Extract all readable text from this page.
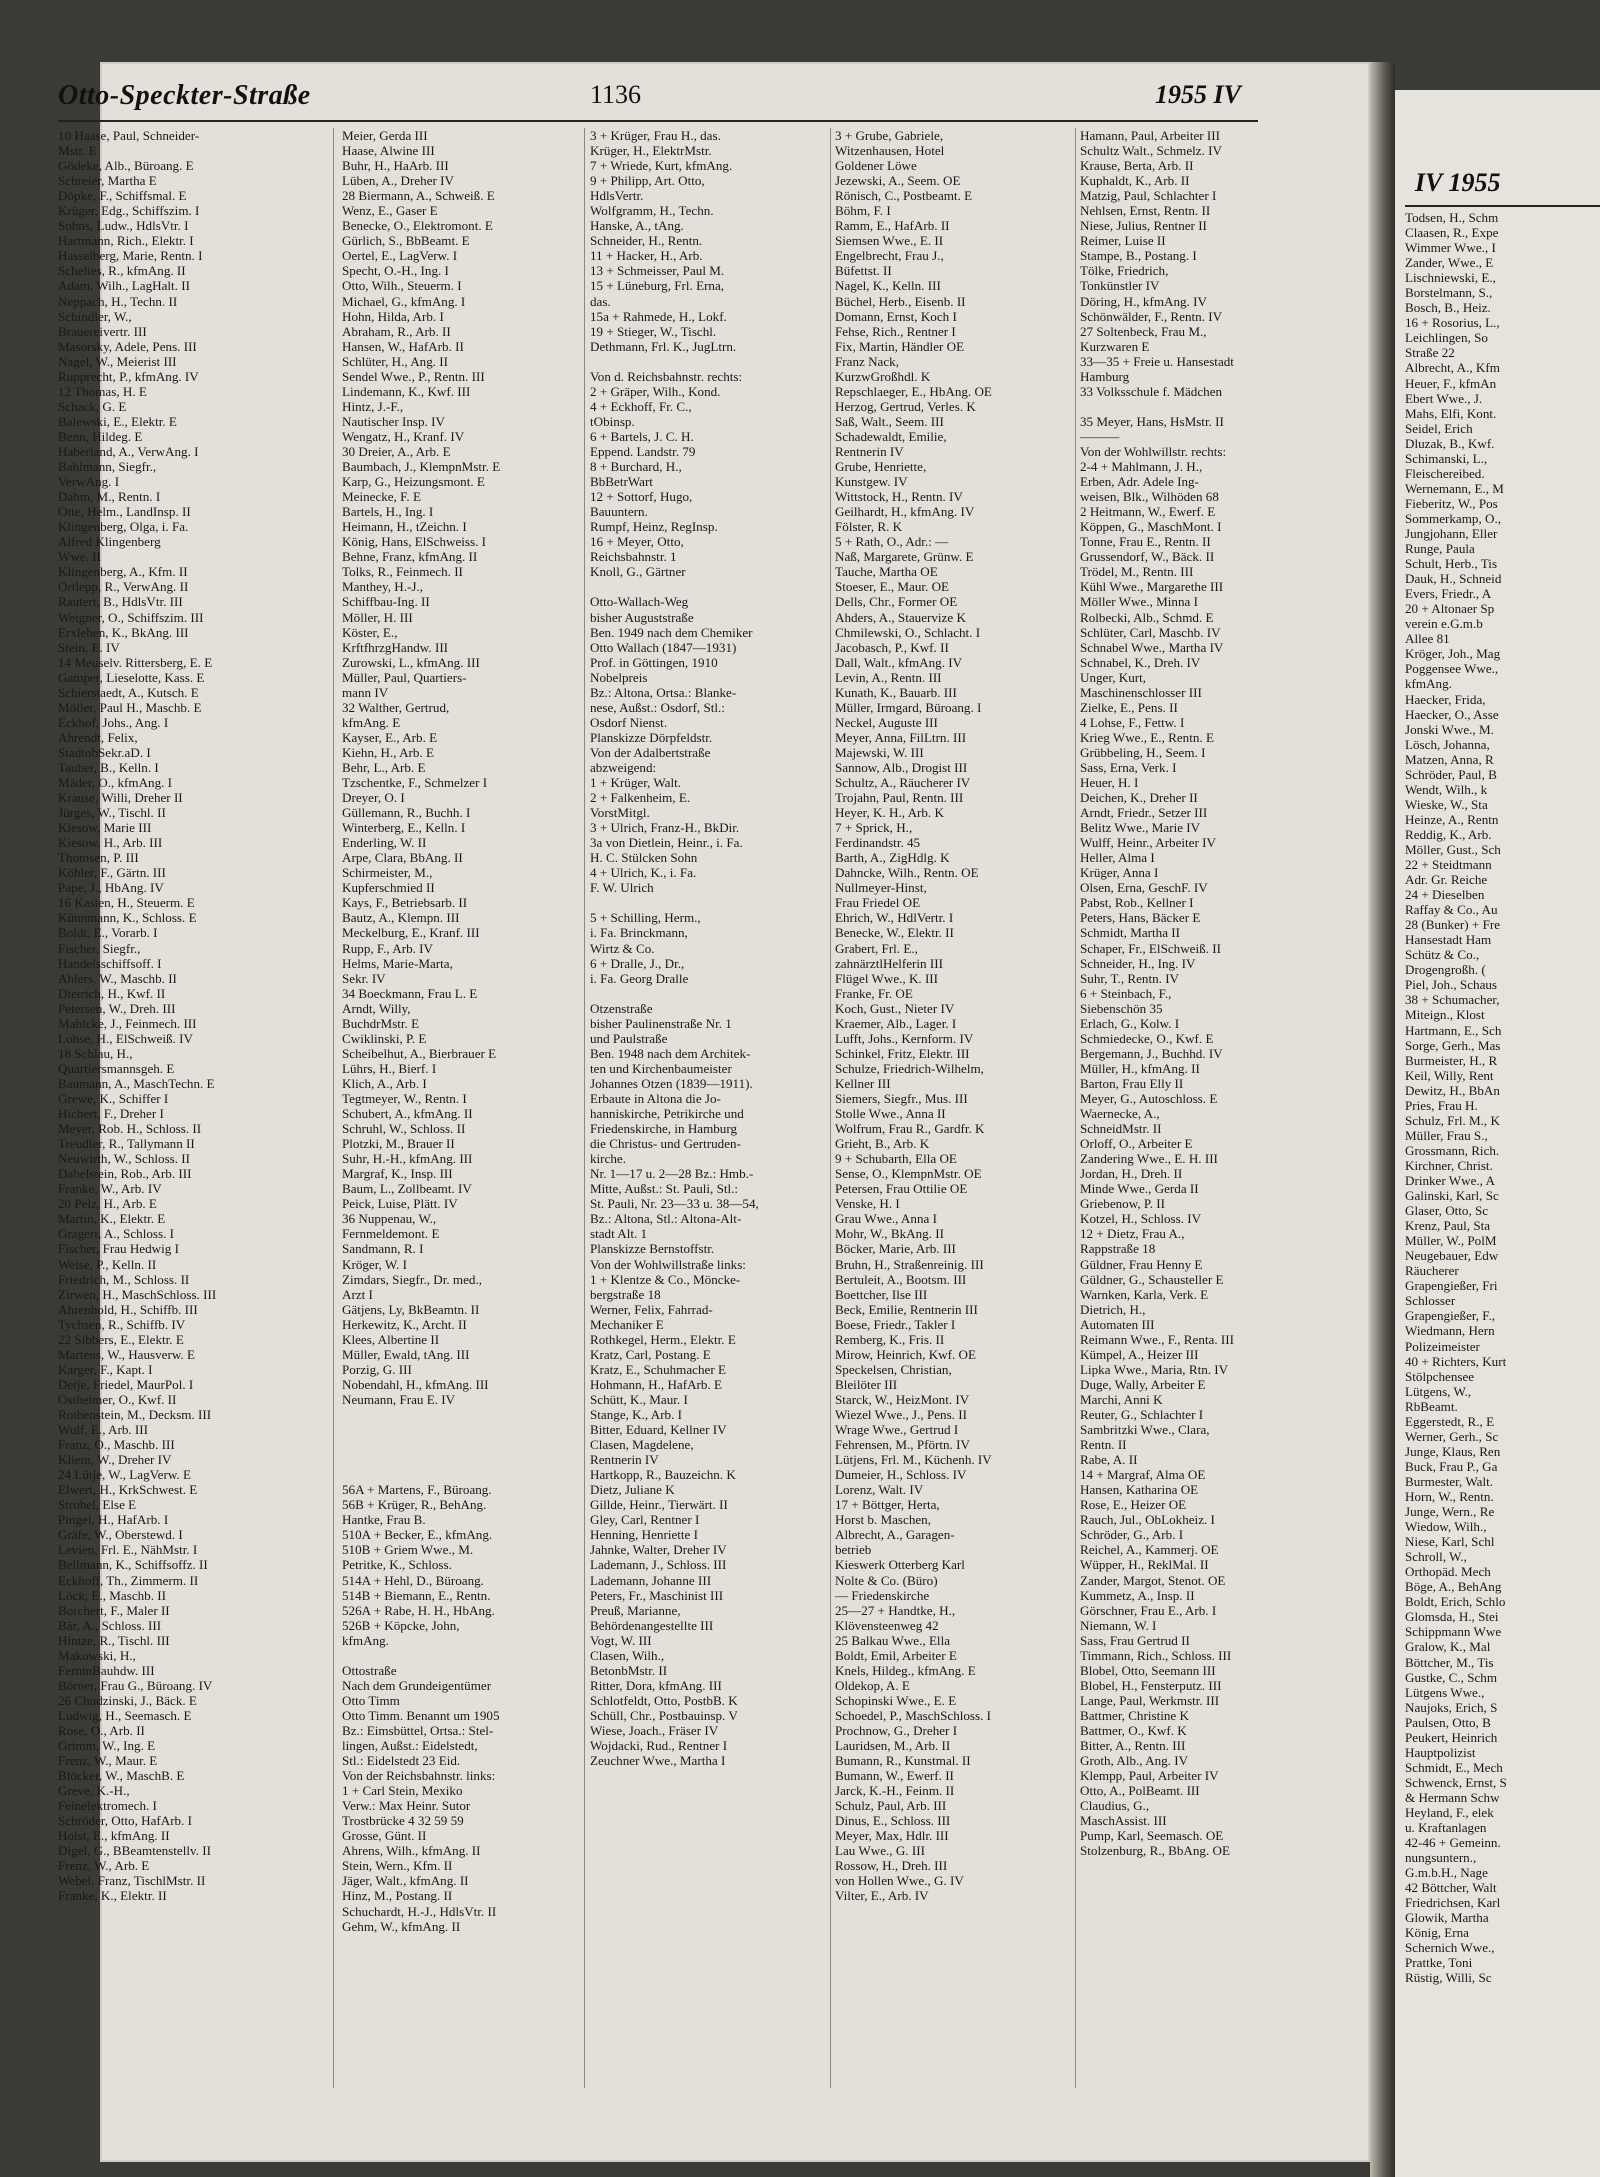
Otto-Speckter-Straße	1136	1955 IV
10 Haase, Paul, Schneider-
Mstr. E
Gödeke, Alb., Büroang. E
Schreier, Martha E
Döpke, F., Schiffsmal. E
Krüger, Edg., Schiffszim. I
Sohns, Ludw., HdlsVtr. I
Hartmann, Rich., Elektr. I
Hasselberg, Marie, Rentn. I
Schelies, R., kfmAng. II
Adam, Wilh., LagHalt. II
Neppach, H., Techn. II
Schindler, W.,
Brauereivertr. III
Masorsky, Adele, Pens. III
Nagel, W., Meierist III
Rupprecht, P., kfmAng. IV
12 Thomas, H. E
Schack, G. E
Balewski, E., Elektr. E
Benn, Hildeg. E
Haberland, A., VerwAng. I
Bahlmann, Siegfr.,
VerwAng. I
Dahm, M., Rentn. I
Otte, Helm., LandInsp. II
Klingenberg, Olga, i. Fa.
Alfred Klingenberg
Wwe. II
Klingenberg, A., Kfm. II
Ortlepp, R., VerwAng. II
Rautert, B., HdlsVtr. III
Weigner, O., Schiffszim. III
Erxleben, K., BkAng. III
Stein, E. IV
14 Meuselv. Rittersberg, E. E
Gamper, Lieselotte, Kass. E
Schierstaedt, A., Kutsch. E
Möller, Paul H., Maschb. E
Eckhof, Johs., Ang. I
Ahrendt, Felix,
StadtobSekr.aD. I
Tauber, B., Kelln. I
Mäder, O., kfmAng. I
Krause, Willi, Dreher II
Jürges, W., Tischl. II
Kiesow, Marie III
Kiesow, H., Arb. III
Thomsen, P. III
Köhler, F., Gärtn. III
Pape, J., HbAng. IV
16 Kasten, H., Steuerm. E
Künnmann, K., Schloss. E
Boldt, E., Vorarb. I
Fischer, Siegfr.,
Handelsschiffsoff. I
Ahlers, W., Maschb. II
Dietrich, H., Kwf. II
Petersen, W., Dreh. III
Mahlcke, J., Feinmech. III
Lohse, H., ElSchweiß. IV
18 Schlau, H.,
Quartiersmannsgeh. E
Baumann, A., MaschTechn. E
Grewe, K., Schiffer I
Hichert, F., Dreher I
Meyer, Rob. H., Schloss. II
Treudler, R., Tallymann II
Neuwirth, W., Schloss. II
Dabelstein, Rob., Arb. III
Franke, W., Arb. IV
20 Pelz, H., Arb. E
Martin, K., Elektr. E
Gragert, A., Schloss. I
Fischer, Frau Hedwig I
Weise, P., Kelln. II
Friedrich, M., Schloss. II
Zirwen, H., MaschSchloss. III
Ahrenhold, H., Schiffb. III
Tychsen, R., Schiffb. IV
22 Sibbers, E., Elektr. E
Martens, W., Hausverw. E
Karger, F., Kapt. I
Detje, Friedel, MaurPol. I
Ostheimer, O., Kwf. II
Rothenstein, M., Decksm. III
Wulf, E., Arb. III
Franz, O., Maschb. III
Kliem, W., Dreher IV
24 Lütje, W., LagVerw. E
Elwert, H., KrkSchwest. E
Strobel, Else E
Pingel, H., HafArb. I
Gräfe, W., Oberstewd. I
Levien, Frl. E., NähMstr. I
Bellmann, K., Schiffsoffz. II
Eckhoff, Th., Zimmerm. II
Löck, E., Maschb. II
Borchert, F., Maler II
Bär, A., Schloss. III
Hintze, R., Tischl. III
Makowski, H.,
FernmBauhdw. III
Börner, Frau G., Büroang. IV
26 Chudzinski, J., Bäck. E
Ludwig, H., Seemasch. E
Rose, O., Arb. II
Grimm, W., Ing. E
Frenz, W., Maur. E
Blöcker, W., MaschB. E
Greve, K.-H.,
Feinelektromech. I
Schröder, Otto, HafArb. I
Holst, E., kfmAng. II
Digel, G., BBeamtenstellv. II
Frenz, W., Arb. E
Webel, Franz, TischlMstr. II
Franke, K., Elektr. II
Meier, Gerda III
Haase, Alwine III
Buhr, H., HaArb. III
Lüben, A., Dreher IV
28 Biermann, A., Schweiß. E
Wenz, E., Gaser E
Benecke, O., Elektromont. E
Gürlich, S., BbBeamt. E
Oertel, E., LagVerw. I
Specht, O.-H., Ing. I
Otto, Wilh., Steuerm. I
Michael, G., kfmAng. I
Hohn, Hilda, Arb. I
Abraham, R., Arb. II
Hansen, W., HafArb. II
Schlüter, H., Ang. II
Sendel Wwe., P., Rentn. III
Lindemann, K., Kwf. III
Hintz, J.-F.,
Nautischer Insp. IV
Wengatz, H., Kranf. IV
30 Dreier, A., Arb. E
Baumbach, J., KlempnMstr. E
Karp, G., Heizungsmont. E
Meinecke, F. E
Bartels, H., Ing. I
Heimann, H., tZeichn. I
König, Hans, ElSchweiss. I
Behne, Franz, kfmAng. II
Tolks, R., Feinmech. II
Manthey, H.-J.,
Schiffbau-Ing. II
Möller, H. III
Köster, E.,
KrftfhrzgHandw. III
Zurowski, L., kfmAng. III
Müller, Paul, Quartiers-
mann IV
32 Walther, Gertrud,
kfmAng. E
Kayser, E., Arb. E
Kiehn, H., Arb. E
Behr, L., Arb. E
Tzschentke, F., Schmelzer I
Dreyer, O. I
Güllemann, R., Buchh. I
Winterberg, E., Kelln. I
Enderling, W. II
Arpe, Clara, BbAng. II
Schirmeister, M.,
Kupferschmied II
Kays, F., Betriebsarb. II
Bautz, A., Klempn. III
Meckelburg, E., Kranf. III
Rupp, F., Arb. IV
Helms, Marie-Marta,
Sekr. IV
34 Boeckmann, Frau L. E
Arndt, Willy,
BuchdrMstr. E
Cwiklinski, P. E
Scheibelhut, A., Bierbrauer E
Lührs, H., Bierf. I
Klich, A., Arb. I
Tegtmeyer, W., Rentn. I
Schubert, A., kfmAng. II
Schruhl, W., Schloss. II
Plotzki, M., Brauer II
Suhr, H.-H., kfmAng. III
Margraf, K., Insp. III
Baum, L., Zollbeamt. IV
Peick, Luise, Plätt. IV
36 Nuppenau, W.,
Fernmeldemont. E
Sandmann, R. I
Kröger, W. I
Zimdars, Siegfr., Dr. med.,
Arzt I
Gätjens, Ly, BkBeamtn. II
Herkewitz, K., Archt. II
Klees, Albertine II
Müller, Ewald, tAng. III
Porzig, G. III
Nobendahl, H., kfmAng. III
Neumann, Frau E. IV
56A + Martens, F., Büroang.
56B + Krüger, R., BehAng.
Hantke, Frau B.
510A + Becker, E., kfmAng.
510B + Griem Wwe., M.
Petritke, K., Schloss.
514A + Hehl, D., Büroang.
514B + Biemann, E., Rentn.
526A + Rabe, H. H., HbAng.
526B + Köpcke, John,
kfmAng.
Ottostraße
Nach dem Grundeigentümer
Otto Timm
Otto Timm. Benannt um 1905
Bz.: Eimsbüttel, Ortsa.: Stel-
lingen, Außst.: Eidelstedt,
Stl.: Eidelstedt 23 Eid.
Von der Reichsbahnstr. links:
1 + Carl Stein, Mexiko
Verw.: Max Heinr. Sutor
Trostbrücke 4 32 59 59
Grosse, Günt. II
Ahrens, Wilh., kfmAng. II
Stein, Wern., Kfm. II
Jäger, Walt., kfmAng. II
Hinz, M., Postang. II
Schuchardt, H.-J., HdlsVtr. II
Gehm, W., kfmAng. II
3 + Krüger, Frau H., das.
Krüger, H., ElektrMstr.
7 + Wriede, Kurt, kfmAng.
9 + Philipp, Art. Otto,
HdlsVertr.
Wolfgramm, H., Techn.
Hanske, A., tAng.
Schneider, H., Rentn.
11 + Hacker, H., Arb.
13 + Schmeisser, Paul M.
15 + Lüneburg, Frl. Erna,
das.
15a + Rahmede, H., Lokf.
19 + Stieger, W., Tischl.
Dethmann, Frl. K., JugLtrn.
Von d. Reichsbahnstr. rechts:
2 + Gräper, Wilh., Kond.
4 + Eckhoff, Fr. C.,
tObinsp.
6 + Bartels, J. C. H.
Eppend. Landstr. 79
8 + Burchard, H.,
BbBetrWart
12 + Sottorf, Hugo,
Bauuntern.
Rumpf, Heinz, RegInsp.
16 + Meyer, Otto,
Reichsbahnstr. 1
Knoll, G., Gärtner
Otto-Wallach-Weg
bisher Auguststraße
Ben. 1949 nach dem Chemiker
Otto Wallach (1847—1931)
Prof. in Göttingen, 1910
Nobelpreis
Bz.: Altona, Ortsa.: Blanke-
nese, Außst.: Osdorf, Stl.:
Osdorf Nienst.
Planskizze Dörpfeldstr.
Von der Adalbertstraße
abzweigend:
1 + Krüger, Walt.
2 + Falkenheim, E.
VorstMitgl.
3 + Ulrich, Franz-H., BkDir.
3a von Dietlein, Heinr., i. Fa.
H. C. Stülcken Sohn
4 + Ulrich, K., i. Fa.
F. W. Ulrich
5 + Schilling, Herm.,
i. Fa. Brinckmann,
Wirtz & Co.
6 + Dralle, J., Dr.,
i. Fa. Georg Dralle
Otzenstraße
bisher Paulinenstraße Nr. 1
und Paulstraße
Ben. 1948 nach dem Architek-
ten und Kirchenbaumeister
Johannes Otzen (1839—1911).
Erbaute in Altona die Jo-
hanniskirche, Petrikirche und
Friedenskirche, in Hamburg
die Christus- und Gertruden-
kirche.
Nr. 1—17 u. 2—28 Bz.: Hmb.-
Mitte, Außst.: St. Pauli, Stl.:
St. Pauli, Nr. 23—33 u. 38—54,
Bz.: Altona, Stl.: Altona-Alt-
stadt Alt. 1
Planskizze Bernstoffstr.
Von der Wohlwillstraße links:
1 + Klentze & Co., Möncke-
bergstraße 18
Werner, Felix, Fahrrad-
Mechaniker E
Rothkegel, Herm., Elektr. E
Kratz, Carl, Postang. E
Kratz, E., Schuhmacher E
Hohmann, H., HafArb. E
Schütt, K., Maur. I
Stange, K., Arb. I
Bitter, Eduard, Kellner IV
Clasen, Magdelene,
Rentnerin IV
Hartkopp, R., Bauzeichn. K
Dietz, Juliane K
Gillde, Heinr., Tierwärt. II
Gley, Carl, Rentner I
Henning, Henriette I
Jahnke, Walter, Dreher IV
Lademann, J., Schloss. III
Lademann, Johanne III
Peters, Fr., Maschinist III
Preuß, Marianne,
Behördenangestellte III
Vogt, W. III
Clasen, Wilh.,
BetonbMstr. II
Ritter, Dora, kfmAng. III
Schlotfeldt, Otto, PostbB. K
Schüll, Chr., Postbauinsp. V
Wiese, Joach., Fräser IV
Wojdacki, Rud., Rentner I
Zeuchner Wwe., Martha I
3 + Grube, Gabriele,
Witzenhausen, Hotel
Goldener Löwe
Jezewski, A., Seem. OE
Rönisch, C., Postbeamt. E
Böhm, F. I
Ramm, E., HafArb. II
Siemsen Wwe., E. II
Engelbrecht, Frau J.,
Büfettst. II
Nagel, K., Kelln. III
Büchel, Herb., Eisenb. II
Domann, Ernst, Koch I
Fehse, Rich., Rentner I
Fix, Martin, Händler OE
Franz Nack,
KurzwGroßhdl. K
Repschlaeger, E., HbAng. OE
Herzog, Gertrud, Verles. K
Saß, Walt., Seem. III
Schadewaldt, Emilie,
Rentnerin IV
Grube, Henriette,
Kunstgew. IV
Wittstock, H., Rentn. IV
Geilhardt, H., kfmAng. IV
Fölster, R. K
5 + Rath, O., Adr.: —
Naß, Margarete, Grünw. E
Tauche, Martha OE
Stoeser, E., Maur. OE
Dells, Chr., Former OE
Ahders, A., Stauervize K
Chmilewski, O., Schlacht. I
Jacobasch, P., Kwf. II
Dall, Walt., kfmAng. IV
Levin, A., Rentn. III
Kunath, K., Bauarb. III
Müller, Irmgard, Büroang. I
Neckel, Auguste III
Meyer, Anna, FilLtrn. III
Majewski, W. III
Sannow, Alb., Drogist III
Schultz, A., Räucherer IV
Trojahn, Paul, Rentn. III
Heyer, K. H., Arb. K
7 + Sprick, H.,
Ferdinandstr. 45
Barth, A., ZigHdlg. K
Dahncke, Wilh., Rentn. OE
Nullmeyer-Hinst,
Frau Friedel OE
Ehrich, W., HdlVertr. I
Benecke, W., Elektr. II
Grabert, Frl. E.,
zahnärztlHelferin III
Flügel Wwe., K. III
Franke, Fr. OE
Koch, Gust., Nieter IV
Kraemer, Alb., Lager. I
Lufft, Johs., Kernform. IV
Schinkel, Fritz, Elektr. III
Schulze, Friedrich-Wilhelm,
Kellner III
Siemers, Siegfr., Mus. III
Stolle Wwe., Anna II
Wolfrum, Frau R., Gardfr. K
Grieht, B., Arb. K
9 + Schubarth, Ella OE
Sense, O., KlempnMstr. OE
Petersen, Frau Ottilie OE
Venske, H. I
Grau Wwe., Anna I
Mohr, W., BkAng. II
Böcker, Marie, Arb. III
Bruhn, H., Straßenreinig. III
Bertuleit, A., Bootsm. III
Boettcher, Ilse III
Beck, Emilie, Rentnerin III
Boese, Friedr., Takler I
Remberg, K., Fris. II
Mirow, Heinrich, Kwf. OE
Speckelsen, Christian,
Bleilöter III
Starck, W., HeizMont. IV
Wiezel Wwe., J., Pens. II
Wrage Wwe., Gertrud I
Fehrensen, M., Pförtn. IV
Lütjens, Frl. M., Küchenh. IV
Dumeier, H., Schloss. IV
Lorenz, Walt. IV
17 + Böttger, Herta,
Horst b. Maschen,
Albrecht, A., Garagen-
betrieb
Kieswerk Otterberg Karl
Nolte & Co. (Büro)
— Friedenskirche
25—27 + Handtke, H.,
Klövensteenweg 42
25 Balkau Wwe., Ella
Boldt, Emil, Arbeiter E
Knels, Hildeg., kfmAng. E
Oldekop, A. E
Schopinski Wwe., E. E
Schoedel, P., MaschSchloss. I
Prochnow, G., Dreher I
Lauridsen, M., Arb. II
Bumann, R., Kunstmal. II
Bumann, W., Ewerf. II
Jarck, K.-H., Feinm. II
Schulz, Paul, Arb. III
Dinus, E., Schloss. III
Meyer, Max, Hdlr. III
Lau Wwe., G. III
Rossow, H., Dreh. III
von Hollen Wwe., G. IV
Vilter, E., Arb. IV
Hamann, Paul, Arbeiter III
Schultz Walt., Schmelz. IV
Krause, Berta, Arb. II
Kuphaldt, K., Arb. II
Matzig, Paul, Schlachter I
Nehlsen, Ernst, Rentn. II
Niese, Julius, Rentner II
Reimer, Luise II
Stampe, B., Postang. I
Tölke, Friedrich,
Tonkünstler IV
Döring, H., kfmAng. IV
Schönwälder, F., Rentn. IV
27 Soltenbeck, Frau M.,
Kurzwaren E
33—35 + Freie u. Hansestadt
Hamburg
33 Volksschule f. Mädchen
35 Meyer, Hans, HsMstr. II
———
Von der Wohlwillstr. rechts:
2-4 + Mahlmann, J. H.,
Erben, Adr. Adele Ing-
weisen, Blk., Wilhöden 68
2 Heitmann, W., Ewerf. E
Köppen, G., MaschMont. I
Tonne, Frau E., Rentn. II
Grussendorf, W., Bäck. II
Trödel, M., Rentn. III
Kühl Wwe., Margarethe III
Möller Wwe., Minna I
Rolbecki, Alb., Schmd. E
Schlüter, Carl, Maschb. IV
Schnabel Wwe., Martha IV
Schnabel, K., Dreh. IV
Unger, Kurt,
Maschinenschlosser III
Zielke, E., Pens. II
4 Lohse, F., Fettw. I
Krieg Wwe., E., Rentn. E
Grübbeling, H., Seem. I
Sass, Erna, Verk. I
Heuer, H. I
Deichen, K., Dreher II
Arndt, Friedr., Setzer III
Belitz Wwe., Marie IV
Wulff, Heinr., Arbeiter IV
Heller, Alma I
Krüger, Anna I
Olsen, Erna, GeschF. IV
Pabst, Rob., Kellner I
Peters, Hans, Bäcker E
Schmidt, Martha II
Schaper, Fr., ElSchweiß. II
Schneider, H., Ing. IV
Suhr, T., Rentn. IV
6 + Steinbach, F.,
Siebenschön 35
Erlach, G., Kolw. I
Schmiedecke, O., Kwf. E
Bergemann, J., Buchhd. IV
Müller, H., kfmAng. II
Barton, Frau Elly II
Meyer, G., Autoschloss. E
Waernecke, A.,
SchneidMstr. II
Orloff, O., Arbeiter E
Zandering Wwe., E. H. III
Jordan, H., Dreh. II
Minde Wwe., Gerda II
Griebenow, P. II
Kotzel, H., Schloss. IV
12 + Dietz, Frau A.,
Rappstraße 18
Güldner, Frau Henny E
Güldner, G., Schausteller E
Warnken, Karla, Verk. E
Dietrich, H.,
Automaten III
Reimann Wwe., F., Renta. III
Kümpel, A., Heizer III
Lipka Wwe., Maria, Rtn. IV
Duge, Wally, Arbeiter E
Marchi, Anni K
Reuter, G., Schlachter I
Sambritzki Wwe., Clara,
Rentn. II
Rabe, A. II
14 + Margraf, Alma OE
Hansen, Katharina OE
Rose, E., Heizer OE
Rauch, Jul., ObLokheiz. I
Schröder, G., Arb. I
Reichel, A., Kammerj. OE
Wüpper, H., ReklMal. II
Zander, Margot, Stenot. OE
Kummetz, A., Insp. II
Görschner, Frau E., Arb. I
Niemann, W. I
Sass, Frau Gertrud II
Timmann, Rich., Schloss. III
Blobel, Otto, Seemann III
Blobel, H., Fensterputz. III
Lange, Paul, Werkmstr. III
Battmer, Christine K
Battmer, O., Kwf. K
Bitter, A., Rentn. III
Groth, Alb., Ang. IV
Klempp, Paul, Arbeiter IV
Otto, A., PolBeamt. III
Claudius, G.,
MaschAssist. III
Pump, Karl, Seemasch. OE
Stolzenburg, R., BbAng. OE
IV 1955
Todsen, H., Schm
Claasen, R., Expe
Wimmer Wwe., I
Zander, Wwe., E
Lischniewski, E.,
Borstelmann, S.,
Bosch, B., Heiz.
16 + Rosorius, L.,
Leichlingen, So
Straße 22
Albrecht, A., Kfm
Heuer, F., kfmAn
Ebert Wwe., J.
Mahs, Elfi, Kont.
Seidel, Erich
Dluzak, B., Kwf.
Schimanski, L.,
Fleischereibed.
Wernemann, E., M
Fieberitz, W., Pos
Sommerkamp, O.,
Jungjohann, Eller
Runge, Paula
Schult, Herb., Tis
Dauk, H., Schneid
Evers, Friedr., A
20 + Altonaer Sp
verein e.G.m.b
Allee 81
Kröger, Joh., Mag
Poggensee Wwe.,
kfmAng.
Haecker, Frida,
Haecker, O., Asse
Jonski Wwe., M.
Lösch, Johanna,
Matzen, Anna, R
Schröder, Paul, B
Wendt, Wilh., k
Wieske, W., Sta
Heinze, A., Rentn
Reddig, K., Arb.
Möller, Gust., Sch
22 + Steidtmann
Adr. Gr. Reiche
24 + Dieselben
Raffay & Co., Au
28 (Bunker) + Fre
Hansestadt Ham
Schütz & Co.,
Drogengroßh. (
Piel, Joh., Schaus
38 + Schumacher,
Miteign., Klost
Hartmann, E., Sch
Sorge, Gerh., Mas
Burmeister, H., R
Keil, Willy, Rent
Dewitz, H., BbAn
Pries, Frau H.
Schulz, Frl. M., K
Müller, Frau S.,
Grossmann, Rich.
Kirchner, Christ.
Drinker Wwe., A
Galinski, Karl, Sc
Glaser, Otto, Sc
Krenz, Paul, Sta
Müller, W., PolM
Neugebauer, Edw
Räucherer
Grapengießer, Fri
Schlosser
Grapengießer, F.,
Wiedmann, Hern
Polizeimeister
40 + Richters, Kurt
Stölpchensee
Lütgens, W.,
RbBeamt.
Eggerstedt, R., E
Werner, Gerh., Sc
Junge, Klaus, Ren
Buck, Frau P., Ga
Burmester, Walt.
Horn, W., Rentn.
Junge, Wern., Re
Wiedow, Wilh.,
Niese, Karl, Schl
Schroll, W.,
Orthopäd. Mech
Böge, A., BehAng
Boldt, Erich, Schlo
Glomsda, H., Stei
Schippmann Wwe
Gralow, K., Mal
Böttcher, M., Tis
Gustke, C., Schm
Lütgens Wwe.,
Naujoks, Erich, S
Paulsen, Otto, B
Peukert, Heinrich
Hauptpolizist
Schmidt, E., Mech
Schwenck, Ernst, S
& Hermann Schw
Heyland, F., elek
u. Kraftanlagen
42-46 + Gemeinn.
nungsuntern.,
G.m.b.H., Nage
42 Böttcher, Walt
Friedrichsen, Karl
Glowik, Martha
König, Erna
Schernich Wwe.,
Prattke, Toni
Rüstig, Willi, Sc
